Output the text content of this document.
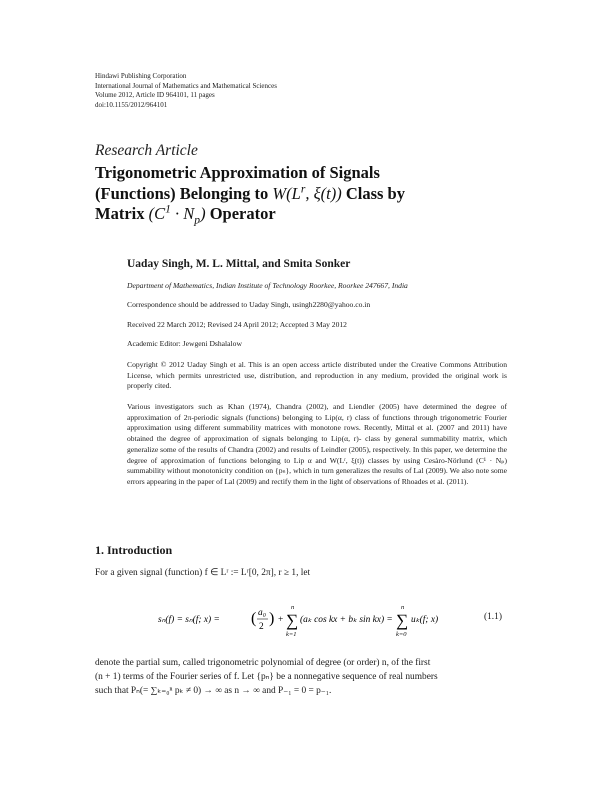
Hindawi Publishing Corporation
International Journal of Mathematics and Mathematical Sciences
Volume 2012, Article ID 964101, 11 pages
doi:10.1155/2012/964101
Research Article
Trigonometric Approximation of Signals
(Functions) Belonging to $W(L^r$, ξ(t)) Class by
Matrix $(C^1 \cdot N_p)$ Operator
Uaday Singh, M. L. Mittal, and Smita Sonker
Department of Mathematics, Indian Institute of Technology Roorkee, Roorkee 247667, India
Correspondence should be addressed to Uaday Singh, usingh2280@yahoo.co.in
Received 22 March 2012; Revised 24 April 2012; Accepted 3 May 2012
Academic Editor: Jewgeni Dshalalow
Copyright © 2012 Uaday Singh et al. This is an open access article distributed under the Creative Commons Attribution License, which permits unrestricted use, distribution, and reproduction in any medium, provided the original work is properly cited.
Various investigators such as Khan (1974), Chandra (2002), and Liendler (2005) have determined the degree of approximation of 2π-periodic signals (functions) belonging to Lip(α, r) class of functions through trigonometric Fourier approximation using different summability matrices with monotone rows. Recently, Mittal et al. (2007 and 2011) have obtained the degree of approximation of signals belonging to Lip(α, r)- class by general summability matrix, which generalize some of the results of Chandra (2002) and results of Leindler (2005), respectively. In this paper, we determine the degree of approximation of functions belonging to Lip α and W(Lʳ, ξ(t)) classes by using Cesàro-Nörlund (C¹ · Nₚ) summability without monotonicity condition on {pₙ}, which in turn generalizes the results of Lal (2009). We also note some errors appearing in the paper of Lal (2009) and rectify them in the light of observations of Rhoades et al. (2011).
1. Introduction
For a given signal (function) f ∈ Lʳ := Lʳ[0, 2π], r ≥ 1, let
sₙ(f) = sₙ(f; x) = ( a₀
2 ) +
n
∑
k=1
(aₖ cos kx + bₖ sin kx) =
n
∑
k=0
uₖ(f; x)	(1.1)
denote the partial sum, called trigonometric polynomial of degree (or order) n, of the first
(n + 1) terms of the Fourier series of f. Let {pₙ} be a nonnegative sequence of real numbers
such that Pₙ(= ∑ₖ₌₀ⁿ pₖ ≠ 0) → ∞ as n → ∞ and P₋₁ = 0 = p₋₁.
